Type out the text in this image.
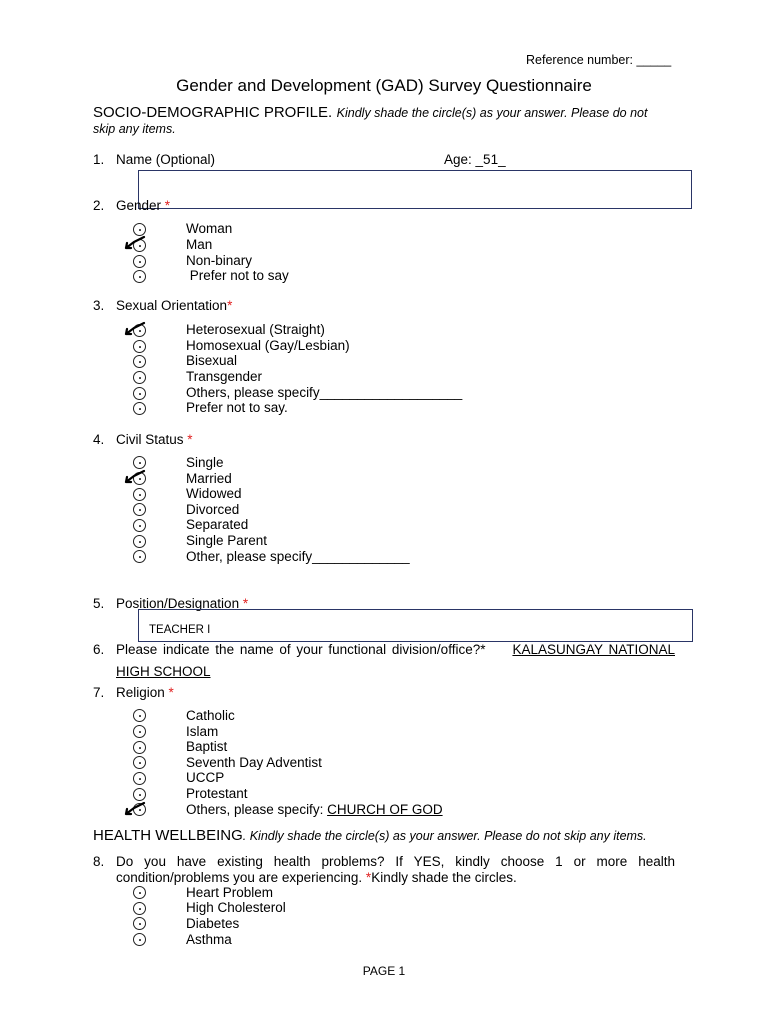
Reference number: _____
Gender and Development (GAD) Survey Questionnaire
SOCIO-DEMOGRAPHIC PROFILE. Kindly shade the circle(s) as your answer. Please do not
skip any items.
1. Name (Optional)	Age: _51_
2. Gender *
Woman
Man
Non-binary
Prefer not to say
3. Sexual Orientation*
Heterosexual (Straight)
Homosexual (Gay/Lesbian)
Bisexual
Transgender
Others, please specify___________________
Prefer not to say.
4. Civil Status *
Single
Married
Widowed
Divorced
Separated
Single Parent
Other, please specify_____________
5. Position/Designation *
TEACHER I
6. Please indicate the name of your functional division/office?* KALASUNGAY NATIONAL
HIGH SCHOOL
7. Religion *
Catholic
Islam
Baptist
Seventh Day Adventist
UCCP
Protestant
Others, please specify: CHURCH OF GOD
HEALTH WELLBEING. Kindly shade the circle(s) as your answer. Please do not skip any items.
8. Do you have existing health problems? If YES, kindly choose 1 or more health
condition/problems you are experiencing. *Kindly shade the circles.
Heart Problem
High Cholesterol
Diabetes
Asthma
PAGE 1
